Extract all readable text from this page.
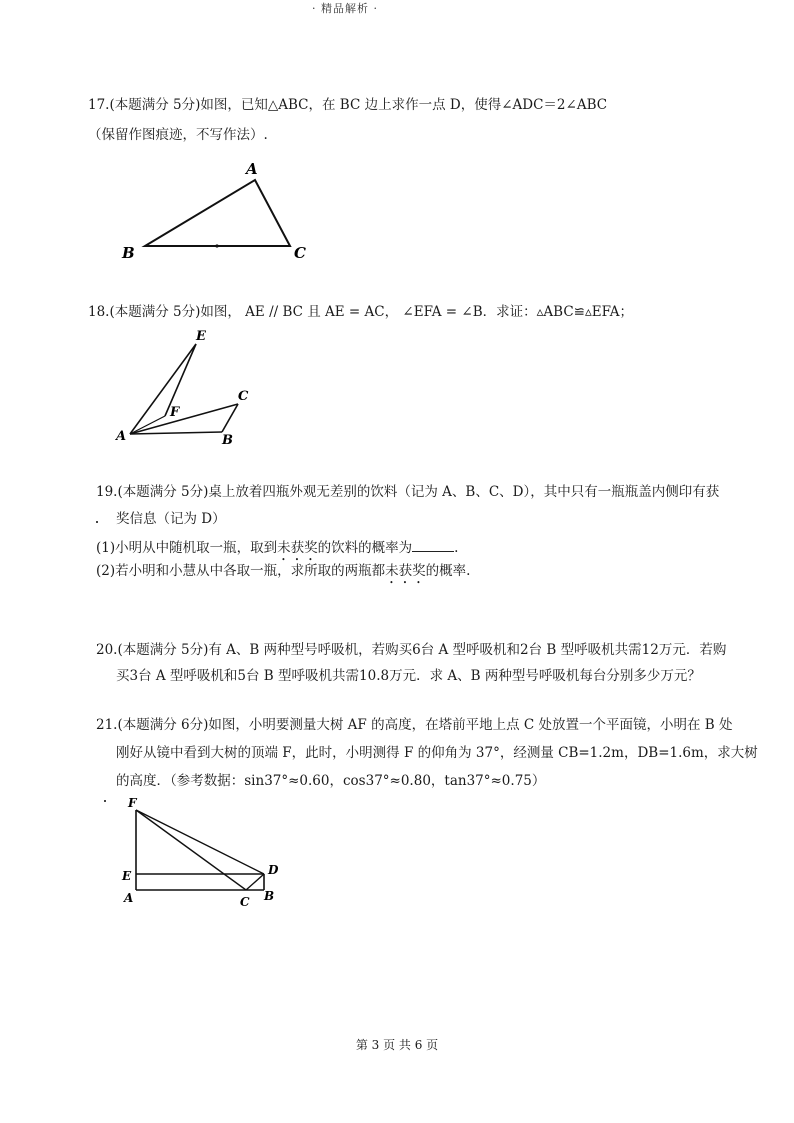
· 精品解析 ·
17.(本题满分 5分)如图，已知△ABC，在 BC 边上求作一点 D，使得∠ADC＝2∠ABC
（保留作图痕迹，不写作法）.
A
B	C
18.(本题满分 5分)如图， AE // BC 且 AE = AC， ∠EFA = ∠B．求证：▵ABC≌▵EFA；
E
F
C
A	B
19.(本题满分 5分)桌上放着四瓶外观无差别的饮料（记为 A、B、C、D），其中只有一瓶瓶盖内侧印有获
奖信息（记为 D）
(1)小明从中随机取一瓶，取到未获奖的饮料的概率为	.
(2)若小明和小慧从中各取一瓶，求所取的两瓶都未获奖的概率.
20.(本题满分 5分)有 A、B 两种型号呼吸机，若购买6台 A 型呼吸机和2台 B 型呼吸机共需12万元．若购
买3台 A 型呼吸机和5台 B 型呼吸机共需10.8万元．求 A、B 两种型号呼吸机每台分别多少万元？
21.(本题满分 6分)如图，小明要测量大树 AF 的高度，在塔前平地上点 C 处放置一个平面镜，小明在 B 处
刚好从镜中看到大树的顶端 F，此时，小明测得 F 的仰角为 37°，经测量 CB=1.2m，DB=1.6m，求大树
的高度．（参考数据：sin37°≈0.60，cos37°≈0.80，tan37°≈0.75）
F
E	D
A	C B
第 3 页 共 6 页
